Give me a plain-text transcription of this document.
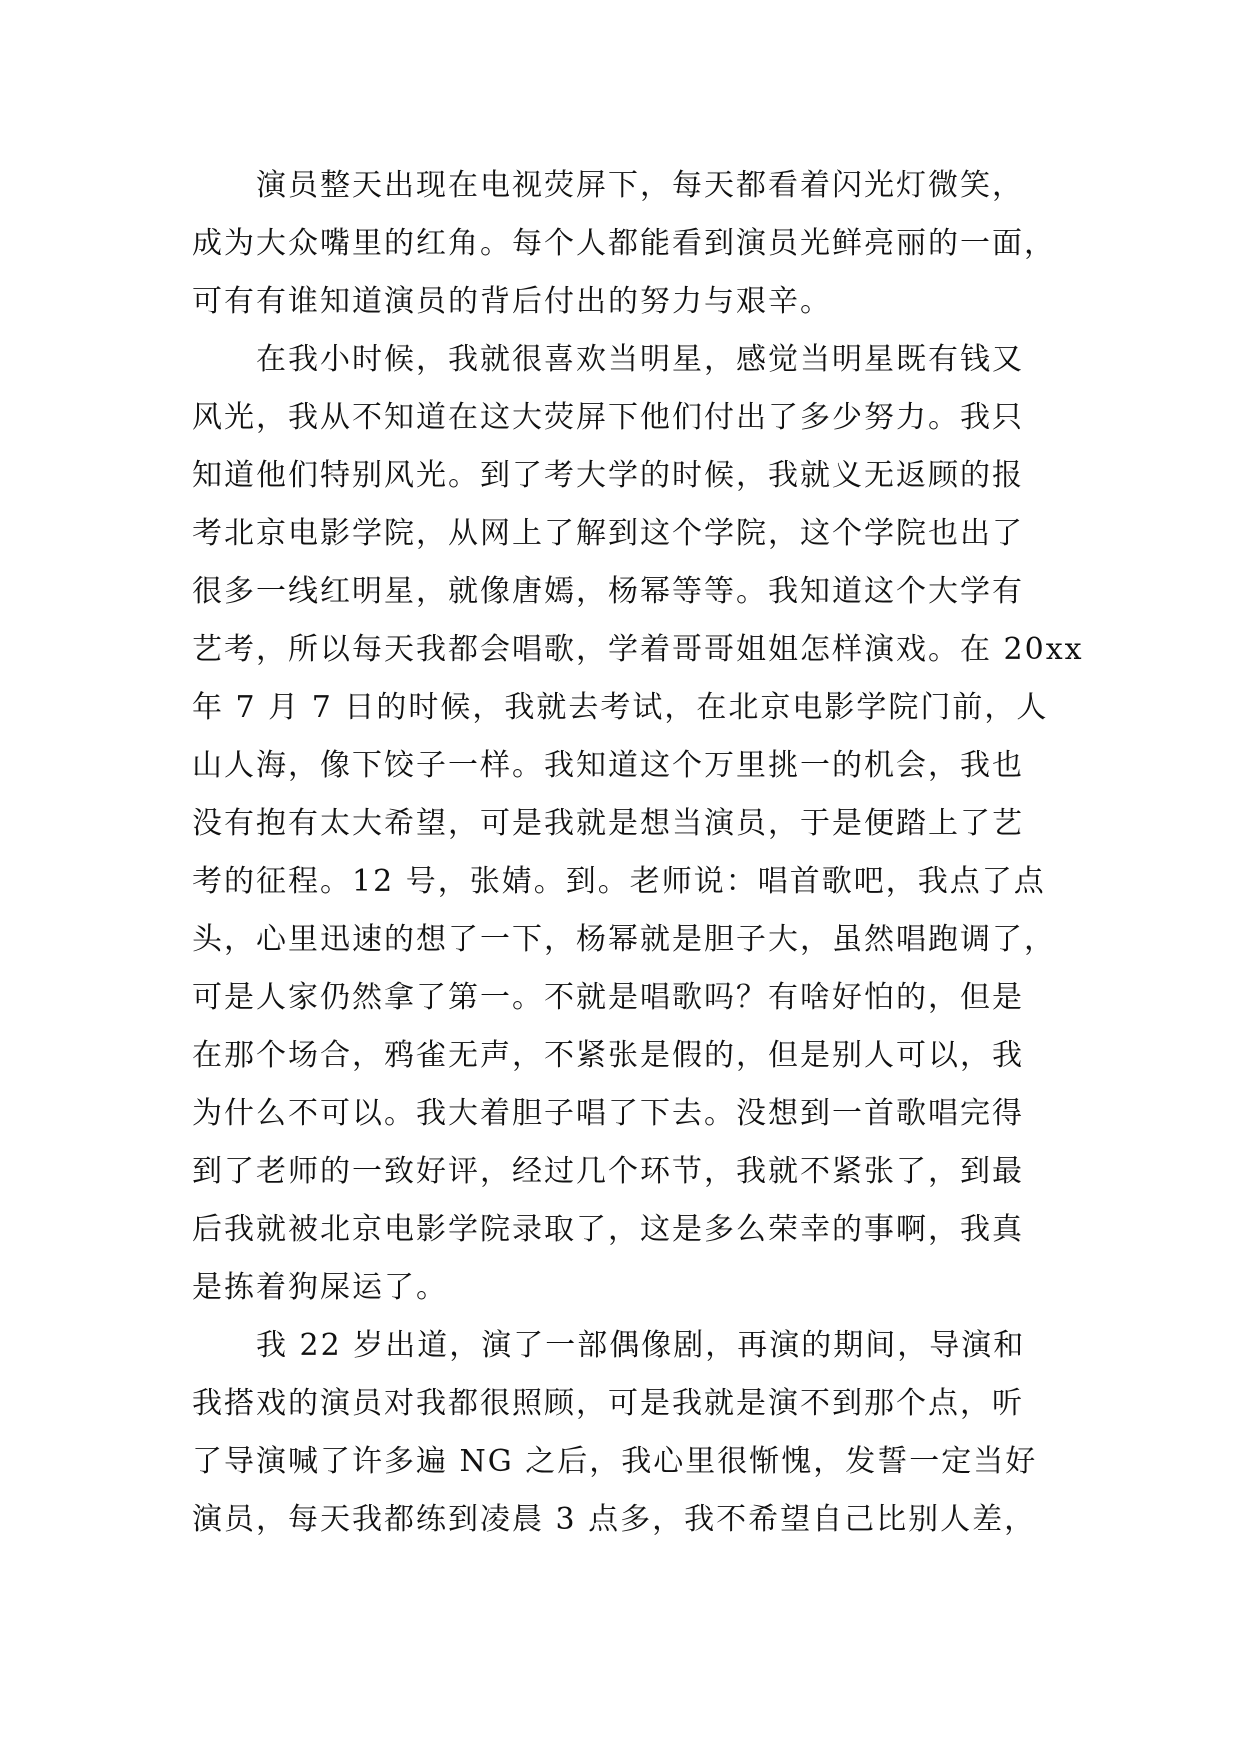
演员整天出现在电视荧屏下，每天都看着闪光灯微笑，

成为大众嘴里的红角。每个人都能看到演员光鲜亮丽的一面，

可有有谁知道演员的背后付出的努力与艰辛。

在我小时候，我就很喜欢当明星，感觉当明星既有钱又

风光，我从不知道在这大荧屏下他们付出了多少努力。我只

知道他们特别风光。到了考大学的时候，我就义无返顾的报

考北京电影学院，从网上了解到这个学院，这个学院也出了

很多一线红明星，就像唐嫣，杨幂等等。我知道这个大学有

艺考，所以每天我都会唱歌，学着哥哥姐姐怎样演戏。在 20xx

年 7 月 7 日的时候，我就去考试，在北京电影学院门前，人

山人海，像下饺子一样。我知道这个万里挑一的机会，我也

没有抱有太大希望，可是我就是想当演员，于是便踏上了艺

考的征程。12 号，张婧。到。老师说：唱首歌吧，我点了点

头，心里迅速的想了一下，杨幂就是胆子大，虽然唱跑调了，

可是人家仍然拿了第一。不就是唱歌吗？有啥好怕的，但是

在那个场合，鸦雀无声，不紧张是假的，但是别人可以，我

为什么不可以。我大着胆子唱了下去。没想到一首歌唱完得

到了老师的一致好评，经过几个环节，我就不紧张了，到最

后我就被北京电影学院录取了，这是多么荣幸的事啊，我真

是拣着狗屎运了。

我 22 岁出道，演了一部偶像剧，再演的期间，导演和

我搭戏的演员对我都很照顾，可是我就是演不到那个点，听

了导演喊了许多遍 NG 之后，我心里很惭愧，发誓一定当好

演员，每天我都练到凌晨 3 点多，我不希望自己比别人差，
